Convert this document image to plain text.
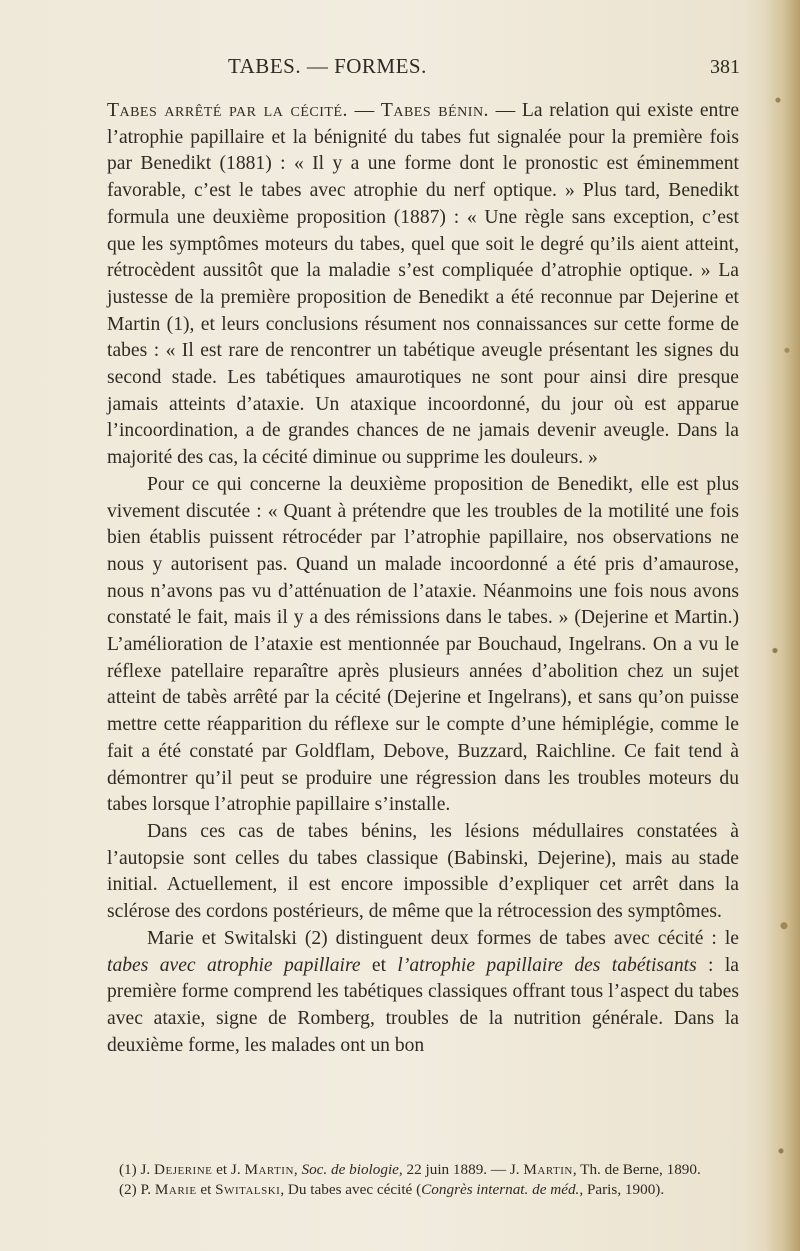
TABES. — FORMES.	381

Tabes arrêté par la cécité. — Tabes bénin. — La relation qui existe entre l’atrophie papillaire et la bénignité du tabes fut signalée pour la première fois par Benedikt (1881) : « Il y a une forme dont le pronostic est éminemment favorable, c’est le tabes avec atrophie du nerf optique. » Plus tard, Benedikt formula une deuxième proposition (1887) : « Une règle sans exception, c’est que les symptômes moteurs du tabes, quel que soit le degré qu’ils aient atteint, rétrocèdent aussitôt que la maladie s’est compliquée d’atrophie optique. » La justesse de la première proposition de Benedikt a été reconnue par Dejerine et Martin (1), et leurs conclusions résument nos connaissances sur cette forme de tabes : « Il est rare de rencontrer un tabétique aveugle présentant les signes du second stade. Les tabétiques amaurotiques ne sont pour ainsi dire presque jamais atteints d’ataxie. Un ataxique incoordonné, du jour où est apparue l’incoordination, a de grandes chances de ne jamais devenir aveugle. Dans la majorité des cas, la cécité diminue ou supprime les douleurs. »

Pour ce qui concerne la deuxième proposition de Benedikt, elle est plus vivement discutée : « Quant à prétendre que les troubles de la motilité une fois bien établis puissent rétrocéder par l’atrophie papillaire, nos observations ne nous y autorisent pas. Quand un malade incoordonné a été pris d’amaurose, nous n’avons pas vu d’atténuation de l’ataxie. Néanmoins une fois nous avons constaté le fait, mais il y a des rémissions dans le tabes. » (Dejerine et Martin.) L’amélioration de l’ataxie est mentionnée par Bouchaud, Ingelrans. On a vu le réflexe patellaire reparaître après plusieurs années d’abolition chez un sujet atteint de tabès arrêté par la cécité (Dejerine et Ingelrans), et sans qu’on puisse mettre cette réapparition du réflexe sur le compte d’une hémiplégie, comme le fait a été constaté par Goldflam, Debove, Buzzard, Raichline. Ce fait tend à démontrer qu’il peut se produire une régression dans les troubles moteurs du tabes lorsque l’atrophie papillaire s’installe.

Dans ces cas de tabes bénins, les lésions médullaires constatées à l’autopsie sont celles du tabes classique (Babinski, Dejerine), mais au stade initial. Actuellement, il est encore impossible d’expliquer cet arrêt dans la sclérose des cordons postérieurs, de même que la rétrocession des symptômes.

Marie et Switalski (2) distinguent deux formes de tabes avec cécité : le tabes avec atrophie papillaire et l’atrophie papillaire des tabétisants : la première forme comprend les tabétiques classiques offrant tous l’aspect du tabes avec ataxie, signe de Romberg, troubles de la nutrition générale. Dans la deuxième forme, les malades ont un bon

(1) J. Dejerine et J. Martin, Soc. de biologie, 22 juin 1889. — J. Martin, Th. de Berne, 1890.

(2) P. Marie et Switalski, Du tabes avec cécité (Congrès internat. de méd., Paris, 1900).
